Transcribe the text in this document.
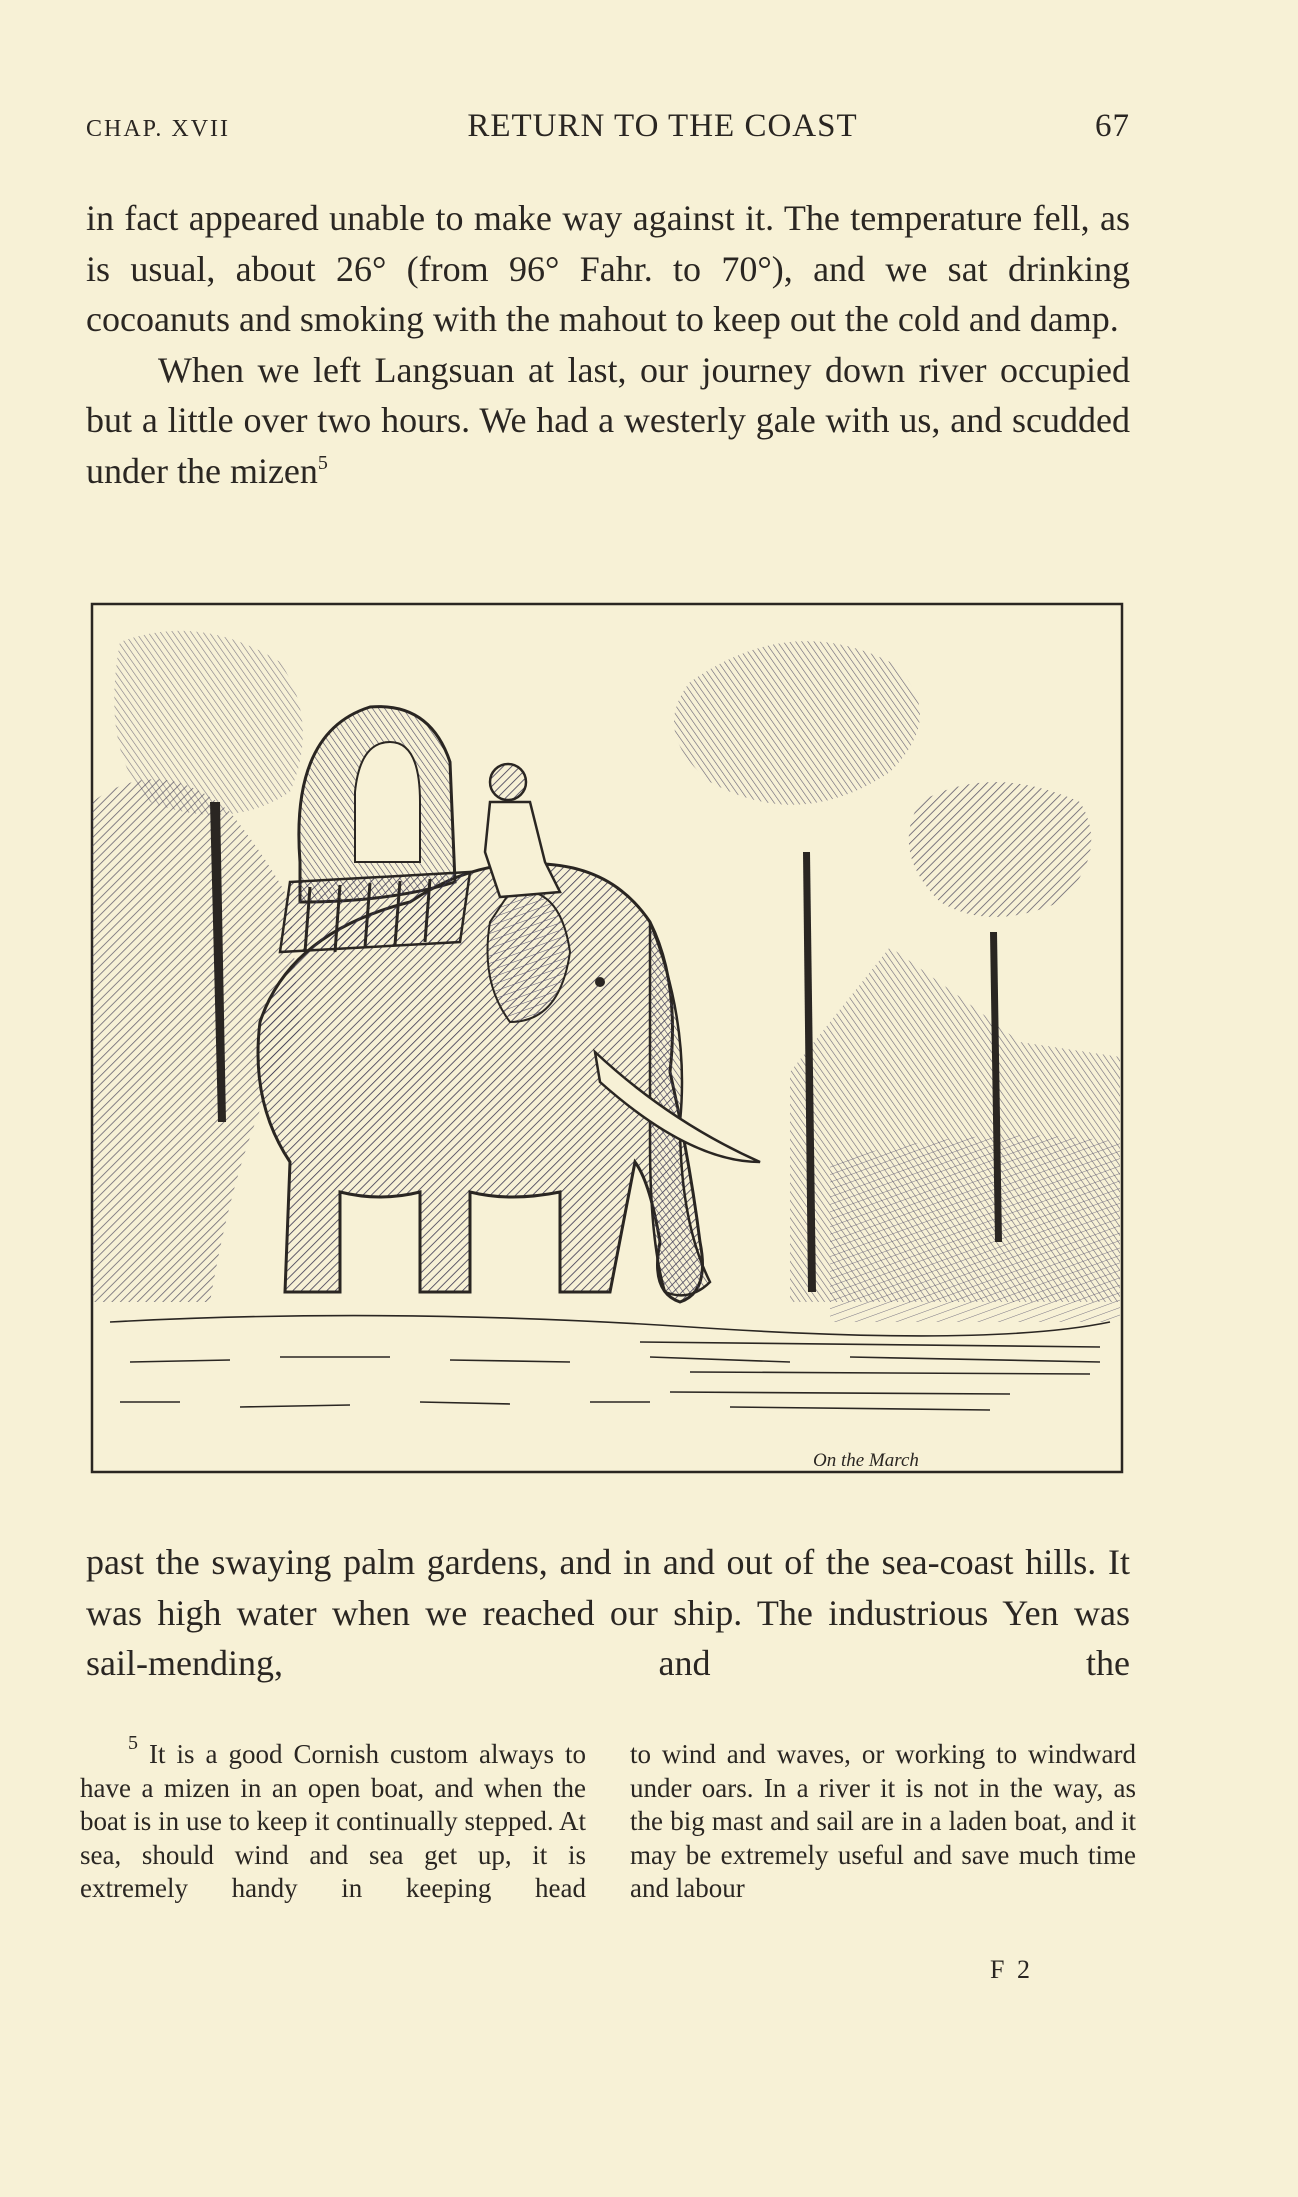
CHAP. XVII	RETURN TO THE COAST	67

in fact appeared unable to make way against it. The temperature fell, as is usual, about 26° (from 96° Fahr. to 70°), and we sat drinking cocoanuts and smoking with the mahout to keep out the cold and damp.

When we left Langsuan at last, our journey down river occupied but a little over two hours. We had a westerly gale with us, and scudded under the mizen$^5$

On the March

past the swaying palm gardens, and in and out of the sea-coast hills. It was high water when we reached our ship. The industrious Yen was sail-mending, and the

$^5$ It is a good Cornish custom always to have a mizen in an open boat, and when the boat is in use to keep it continually stepped. At sea, should wind and sea get up, it is extremely handy in keeping head

to wind and waves, or working to windward under oars. In a river it is not in the way, as the big mast and sail are in a laden boat, and it may be extremely useful and save much time and labour

F 2
